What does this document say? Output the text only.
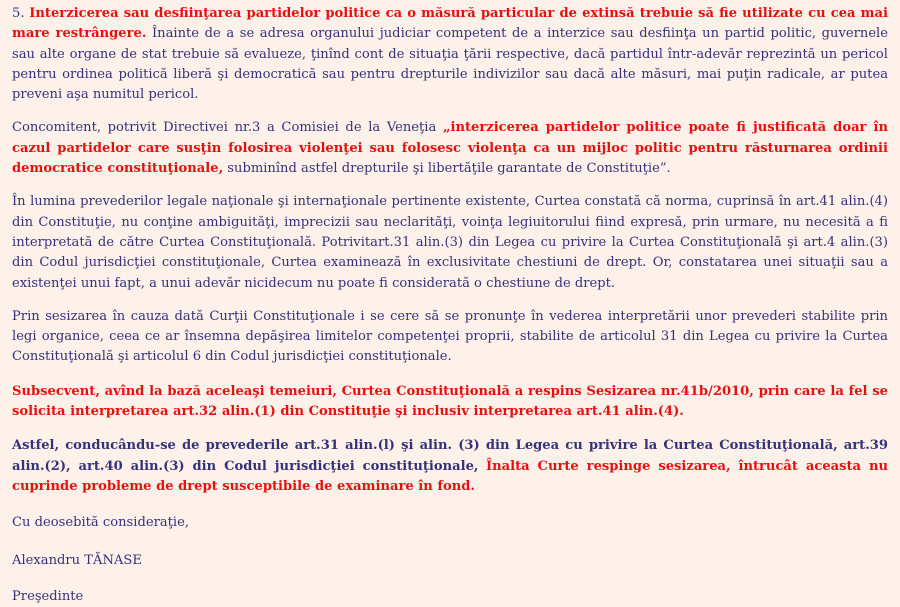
5. Interzicerea sau desfiinţarea partidelor politice ca o măsură particular de extinsă trebuie să fie utilizate cu cea mai mare restrângere. Înainte de a se adresa organului judiciar competent de a interzice sau desfiinţa un partid politic, guvernele sau alte organe de stat trebuie să evalueze, ţinînd cont de situaţia ţării respective, dacă partidul într-adevăr reprezintă un pericol pentru ordinea politică liberă şi democratică sau pentru drepturile indivizilor sau dacă alte măsuri, mai puţin radicale, ar putea preveni aşa numitul pericol.

Concomitent, potrivit Directivei nr.3 a Comisiei de la Veneţia „interzicerea partidelor politice poate fi justificată doar în cazul partidelor care susţin folosirea violenţei sau folosesc violenţa ca un mijloc politic pentru răsturnarea ordinii democratice constituţionale, subminînd astfel drepturile şi libertăţile garantate de Constituţie”.

În lumina prevederilor legale naţionale şi internaţionale pertinente existente, Curtea constată că norma, cuprinsă în art.41 alin.(4) din Constituţie, nu conţine ambiguităţi, imprecizii sau neclarităţi, voinţa legiuitorului fiind expresă, prin urmare, nu necesită a fi interpretată de către Curtea Constituţională. Potrivitart.31 alin.(3) din Legea cu privire la Curtea Constituţională şi art.4 alin.(3) din Codul jurisdicţiei constituţionale, Curtea examinează în exclusivitate chestiuni de drept. Or, constatarea unei situaţii sau a existenţei unui fapt, a unui adevăr nicidecum nu poate fi considerată o chestiune de drept.

Prin sesizarea în cauza dată Curţii Constituţionale i se cere să se pronunţe în vederea interpretării unor prevederi stabilite prin legi organice, ceea ce ar însemna depăşirea limitelor competenţei proprii, stabilite de articolul 31 din Legea cu privire la Curtea Constituţională şi articolul 6 din Codul jurisdicţiei constituţionale.

Subsecvent, avînd la bază aceleaşi temeiuri, Curtea Constituţională a respins Sesizarea nr.41b/2010, prin care la fel se solicita interpretarea art.32 alin.(1) din Constituţie şi inclusiv interpretarea art.41 alin.(4).

Astfel, conducându-se de prevederile art.31 alin.(l) şi alin. (3) din Legea cu privire la Curtea Constituţională, art.39 alin.(2), art.40 alin.(3) din Codul jurisdicţiei constituţionale, Înalta Curte respinge sesizarea, întrucât aceasta nu cuprinde probleme de drept susceptibile de examinare în fond.

Cu deosebită consideraţie,

Alexandru TĂNASE

Preşedinte
